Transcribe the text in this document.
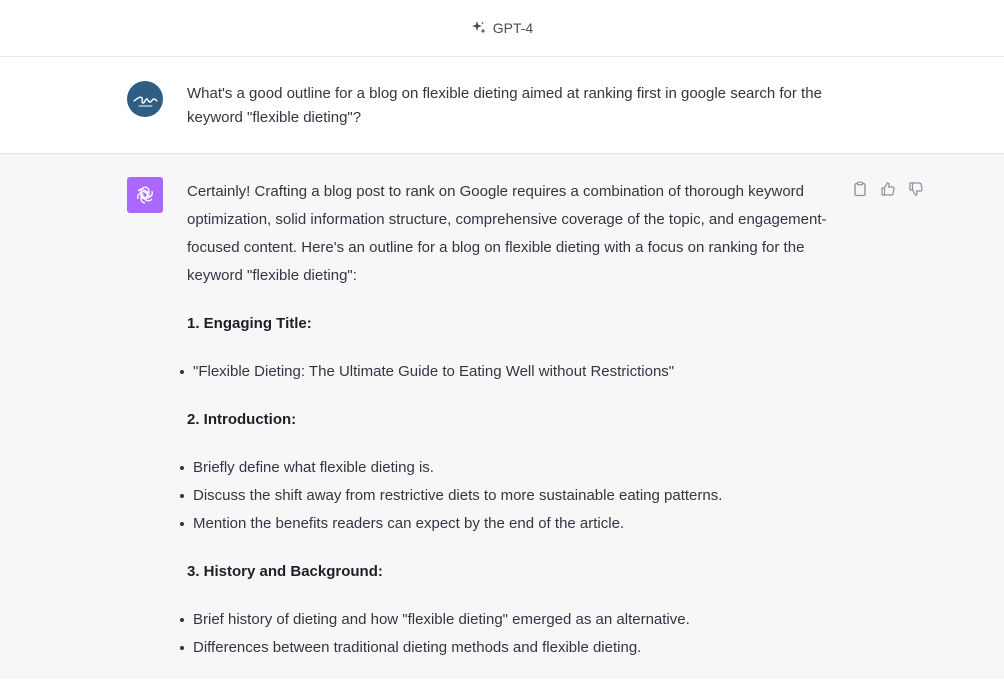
GPT-4
What's a good outline for a blog on flexible dieting aimed at ranking first in google search for the keyword "flexible dieting"?

Certainly! Crafting a blog post to rank on Google requires a combination of thorough keyword optimization, solid information structure, comprehensive coverage of the topic, and engagement-focused content. Here's an outline for a blog on flexible dieting with a focus on ranking for the keyword "flexible dieting":

1. Engaging Title:
"Flexible Dieting: The Ultimate Guide to Eating Well without Restrictions"
2. Introduction:
Briefly define what flexible dieting is.
Discuss the shift away from restrictive diets to more sustainable eating patterns.
Mention the benefits readers can expect by the end of the article.
3. History and Background:
Brief history of dieting and how "flexible dieting" emerged as an alternative.
Differences between traditional dieting methods and flexible dieting.
